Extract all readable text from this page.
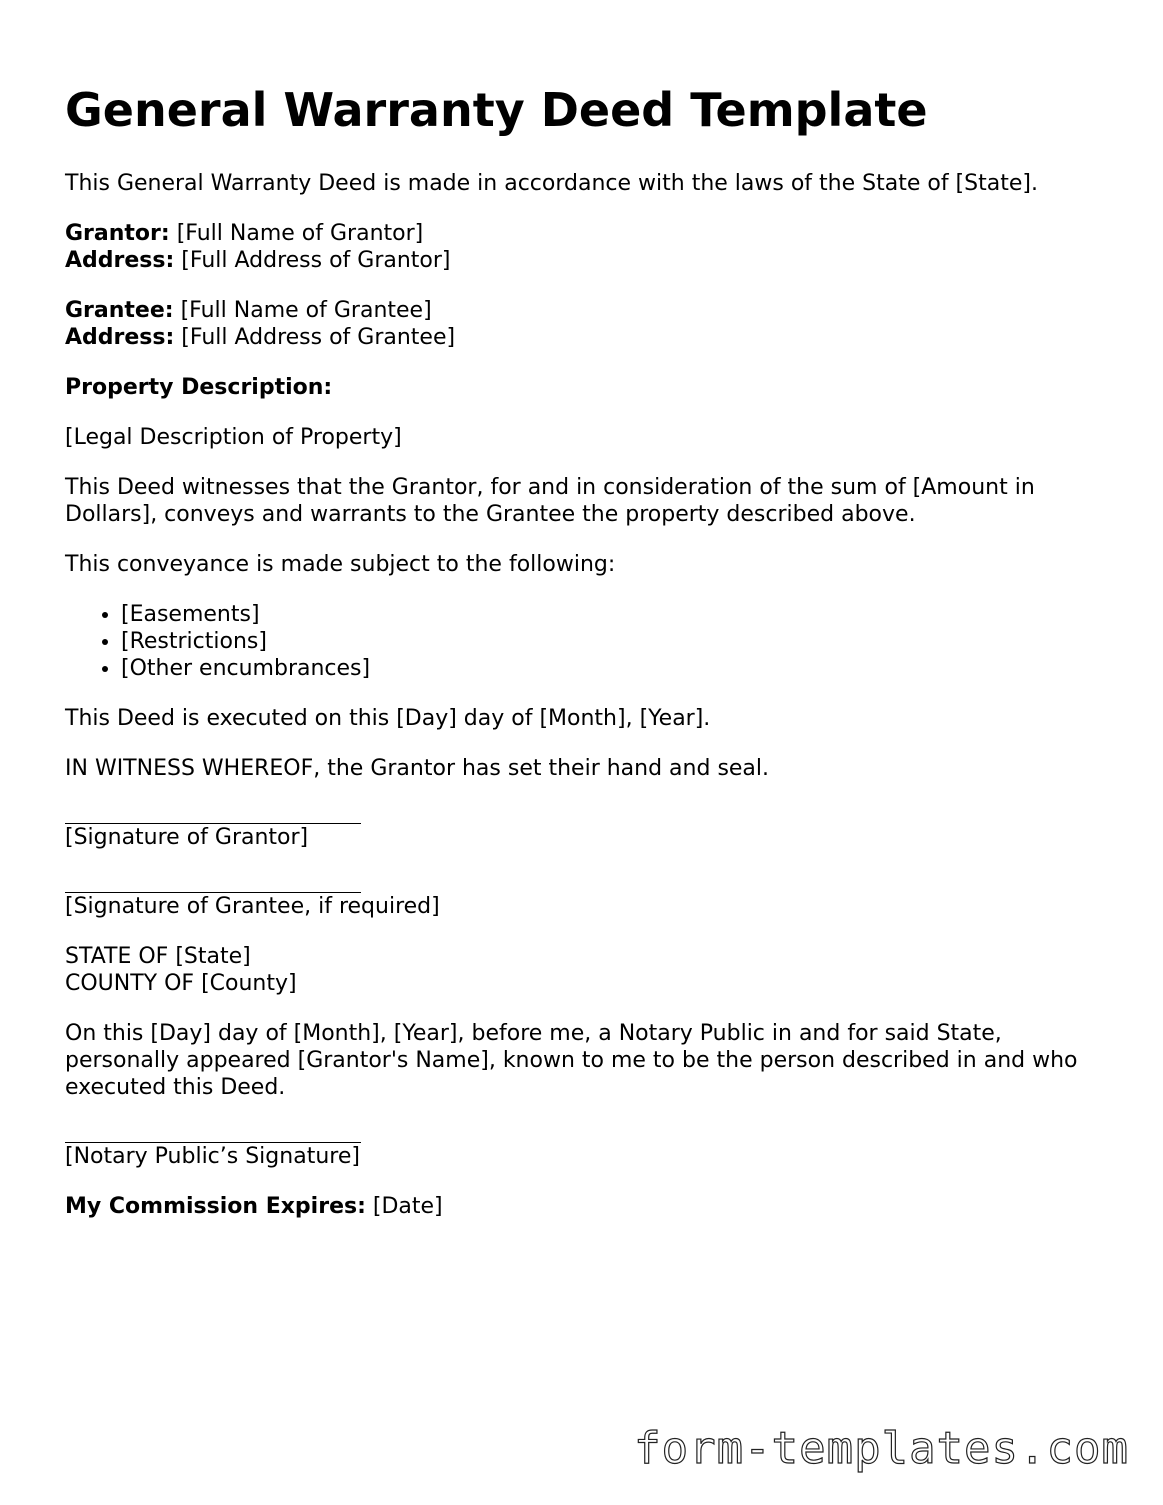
General Warranty Deed Template

This General Warranty Deed is made in accordance with the laws of the State of [State].

Grantor: [Full Name of Grantor]
Address: [Full Address of Grantor]

Grantee: [Full Name of Grantee]
Address: [Full Address of Grantee]

Property Description:

[Legal Description of Property]

This Deed witnesses that the Grantor, for and in consideration of the sum of [Amount in Dollars], conveys and warrants to the Grantee the property described above.

This conveyance is made subject to the following:

• [Easements]
• [Restrictions]
• [Other encumbrances]

This Deed is executed on this [Day] day of [Month], [Year].

IN WITNESS WHEREOF, the Grantor has set their hand and seal.

[Signature of Grantor]

[Signature of Grantee, if required]

STATE OF [State]
COUNTY OF [County]

On this [Day] day of [Month], [Year], before me, a Notary Public in and for said State, personally appeared [Grantor's Name], known to me to be the person described in and who executed this Deed.

[Notary Public’s Signature]

My Commission Expires: [Date]

form-templates.com
